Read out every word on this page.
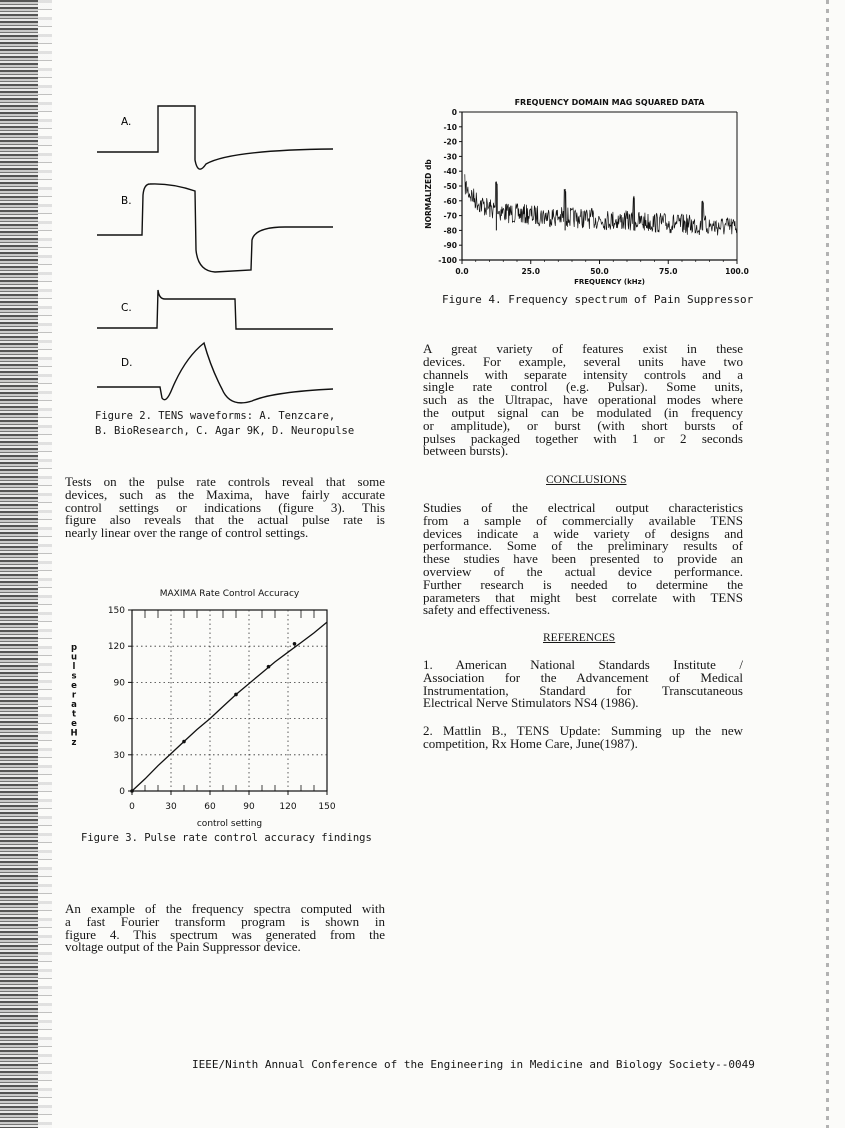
A.
B.
C.
D.
Figure 2. TENS waveforms: A. Tenzcare,
B. BioResearch, C. Agar 9K, D. Neuropulse
Tests on the pulse rate controls reveal that some
devices, such as the Maxima, have fairly accurate
control settings or indications (figure 3). This
figure also reveals that the actual pulse rate is
nearly linear over the range of control settings.
MAXIMA Rate Control Accuracy
0
30
60
90
120
150
0	30	60	90	120 150
control setting
p
u
l
s
e
r
a
t
e
H
z
Figure 3. Pulse rate control accuracy findings
An example of the frequency spectra computed with
a fast Fourier transform program is shown in
figure 4. This spectrum was generated from the
voltage output of the Pain Suppressor device.
FREQUENCY DOMAIN MAG SQUARED DATA
0
-10
-20
-30
-40
-50
-60
-70
-80
-90
-100
0.0	25.0	50.0	75.0	100.0
FREQUENCY (kHz)
NORMALIZED db
Figure 4. Frequency spectrum of Pain Suppressor
A great variety of features exist in these
devices. For example, several units have two
channels with separate intensity controls and a
single rate control (e.g. Pulsar). Some units,
such as the Ultrapac, have operational modes where
the output signal can be modulated (in frequency
or amplitude), or burst (with short bursts of
pulses packaged together with 1 or 2 seconds
between bursts).
CONCLUSIONS
Studies of the electrical output characteristics
from a sample of commercially available TENS
devices indicate a wide variety of designs and
performance. Some of the preliminary results of
these studies have been presented to provide an
overview of the actual device performance.
Further research is needed to determine the
parameters that might best correlate with TENS
safety and effectiveness.
REFERENCES
1. American National Standards Institute /
Association for the Advancement of Medical
Instrumentation, Standard for Transcutaneous
Electrical Nerve Stimulators NS4 (1986).
2. Mattlin B., TENS Update: Summing up the new
competition, Rx Home Care, June(1987).
IEEE/Ninth Annual Conference of the Engineering in Medicine and Biology Society--0049
